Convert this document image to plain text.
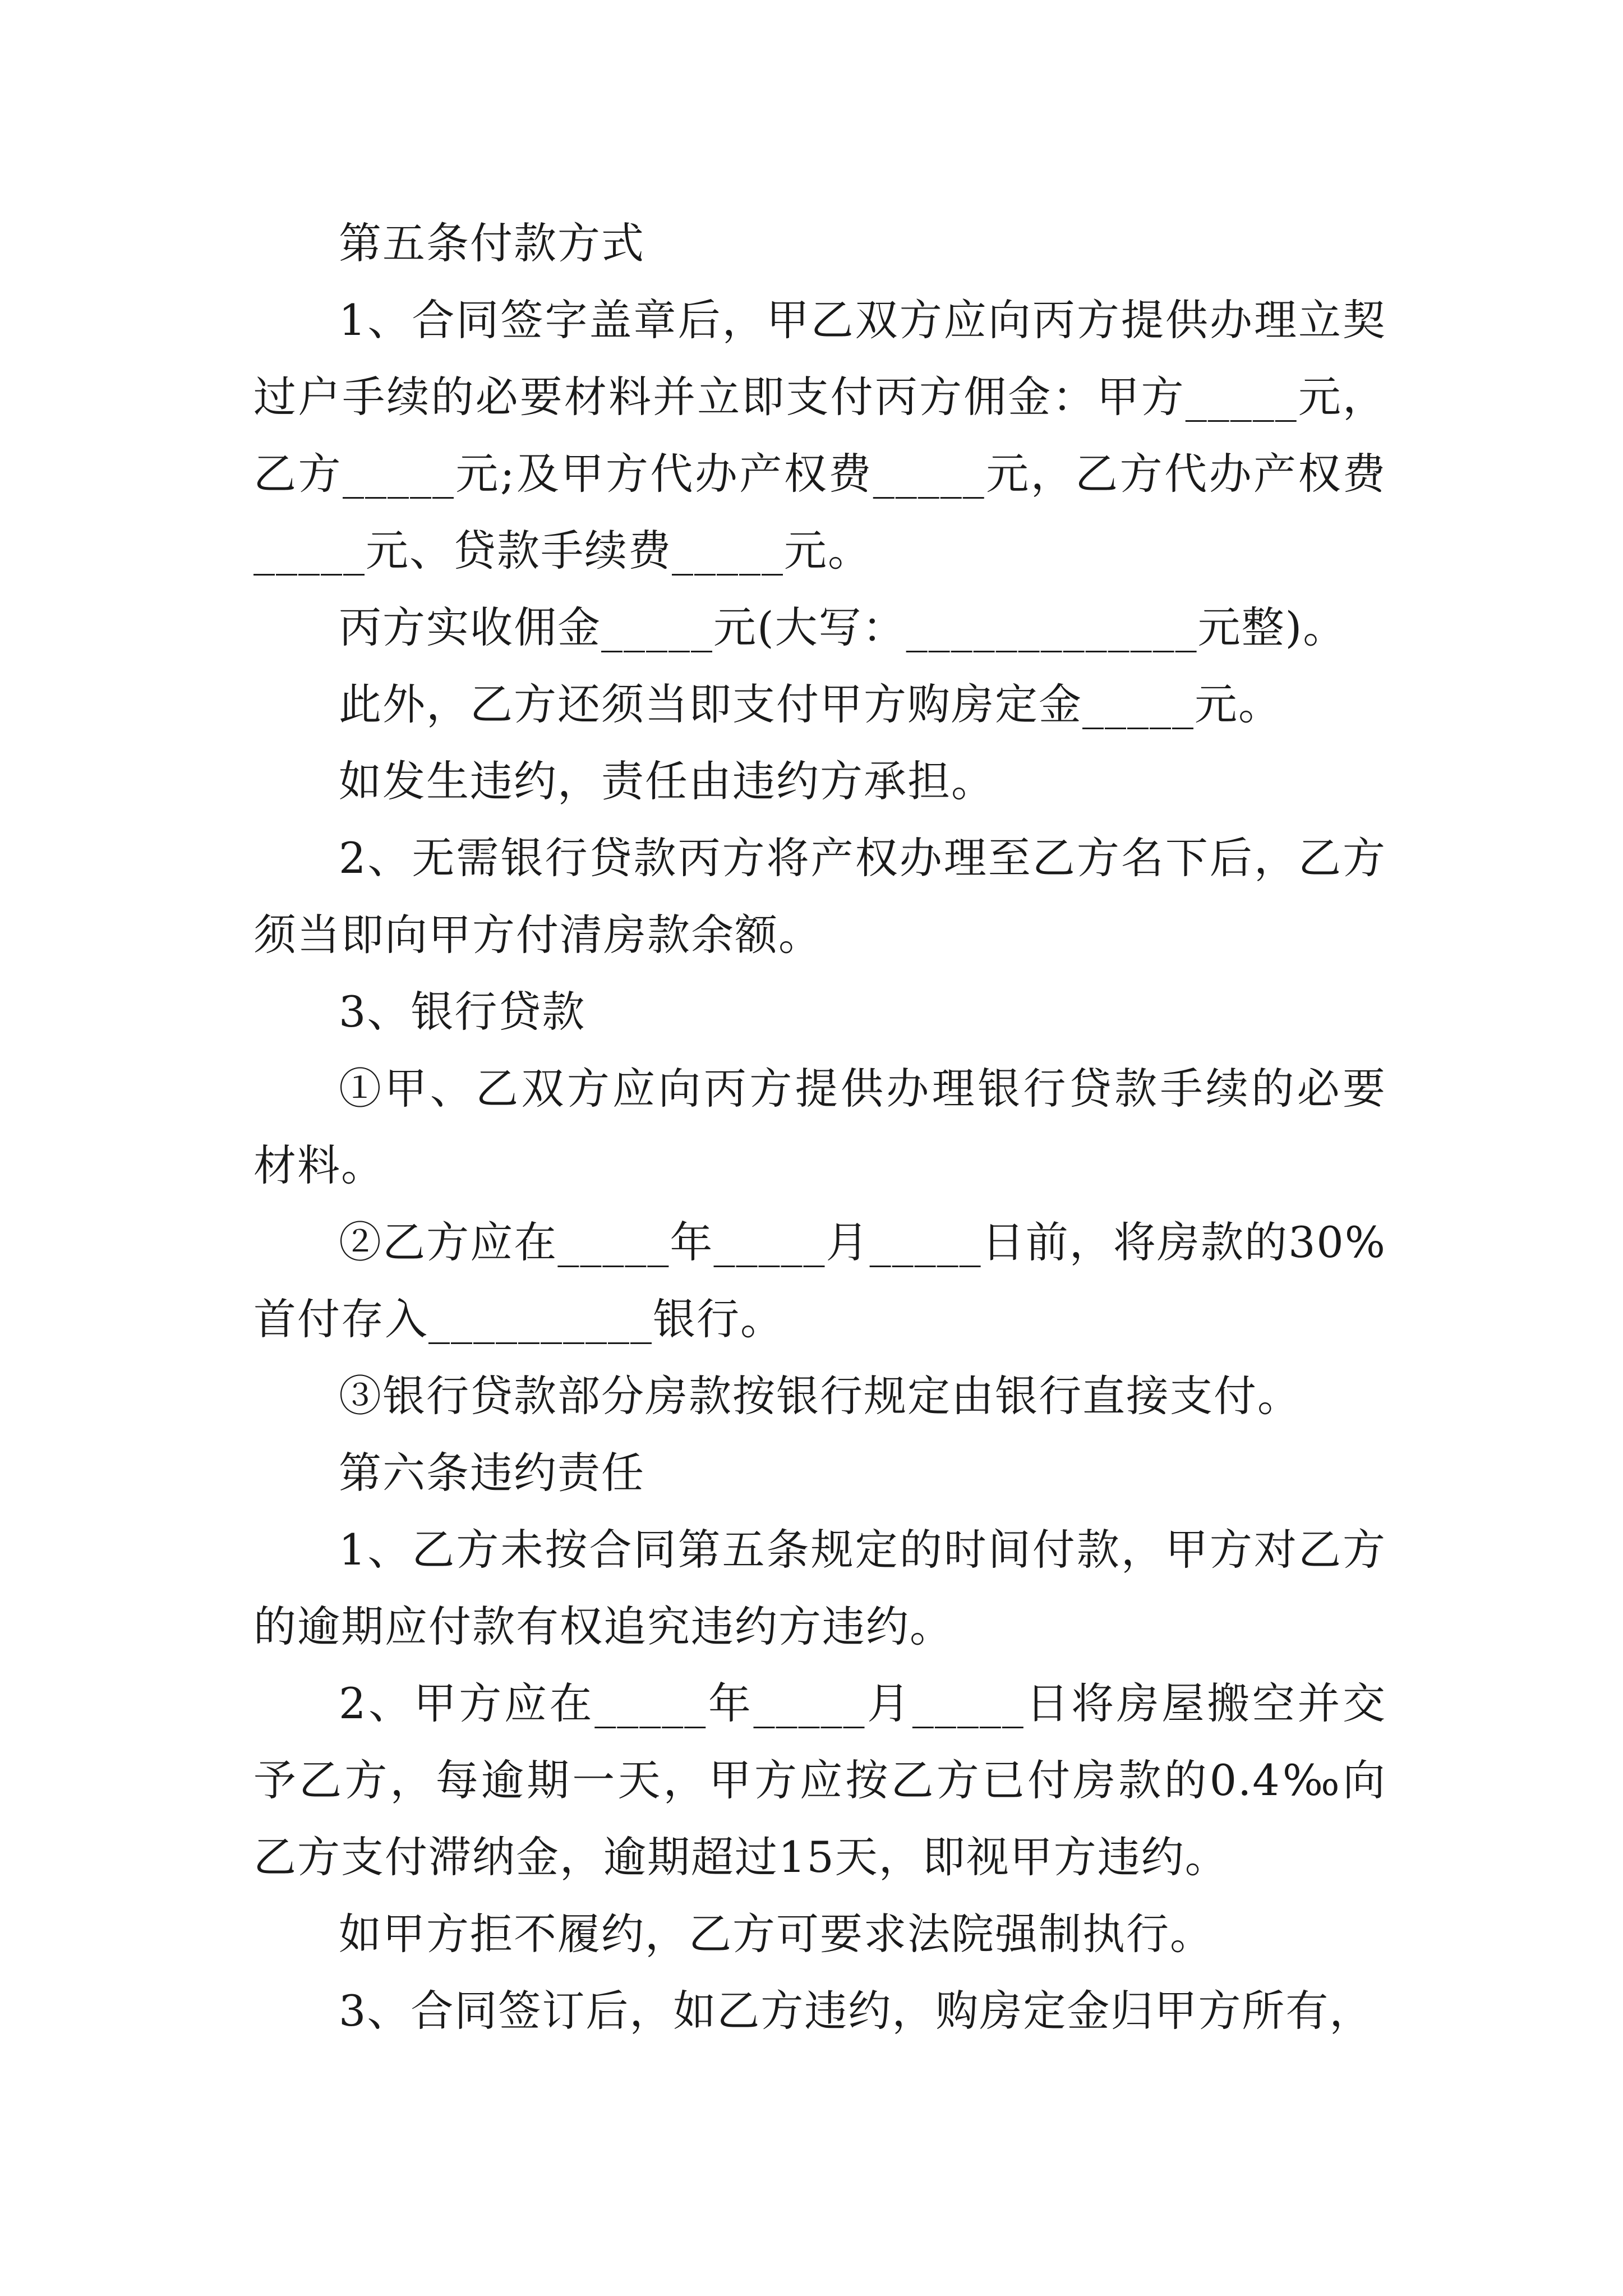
第五条付款方式

1、合同签字盖章后，甲乙双方应向丙方提供办理立契过户手续的必要材料并立即支付丙方佣金：甲方_____元，乙方_____元;及甲方代办产权费_____元，乙方代办产权费_____元、贷款手续费_____元。

丙方实收佣金_____元(大写：_____________元整)。

此外，乙方还须当即支付甲方购房定金_____元。

如发生违约，责任由违约方承担。

2、无需银行贷款丙方将产权办理至乙方名下后，乙方须当即向甲方付清房款余额。

3、银行贷款

①甲、乙双方应向丙方提供办理银行贷款手续的必要材料。

②乙方应在_____年_____月_____日前，将房款的30%首付存入__________银行。

③银行贷款部分房款按银行规定由银行直接支付。

第六条违约责任

1、乙方未按合同第五条规定的时间付款，甲方对乙方的逾期应付款有权追究违约方违约。

2、甲方应在_____年_____月_____日将房屋搬空并交予乙方，每逾期一天，甲方应按乙方已付房款的0.4‰向乙方支付滞纳金，逾期超过15天，即视甲方违约。

如甲方拒不履约，乙方可要求法院强制执行。

3、合同签订后，如乙方违约，购房定金归甲方所有，
